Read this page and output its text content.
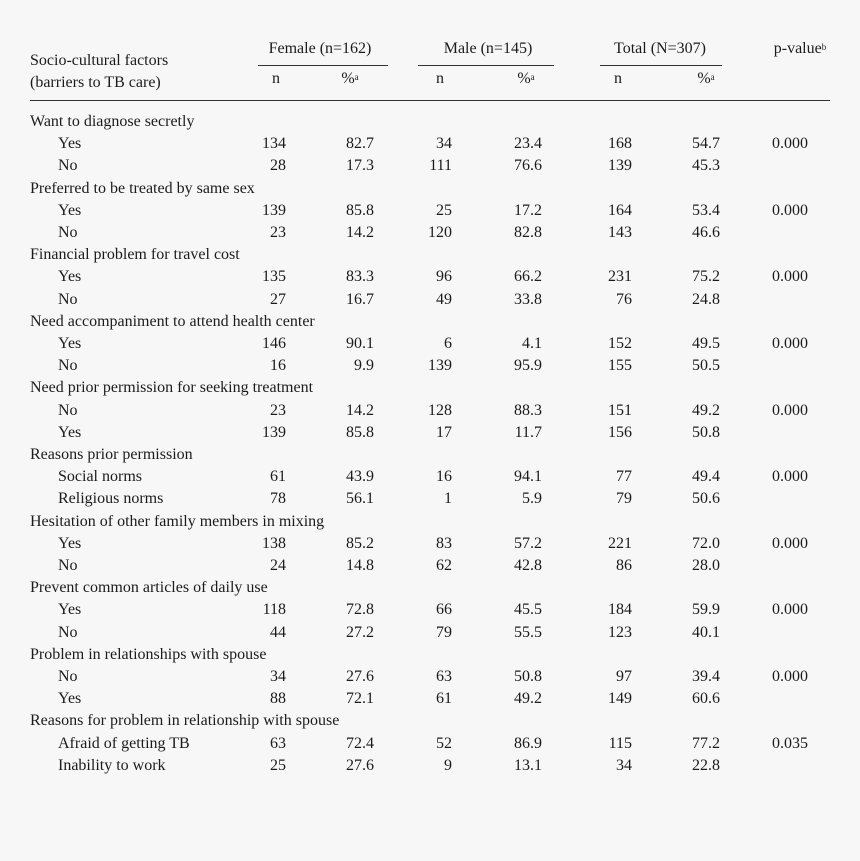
Socio-cultural factors
(barriers to TB care)
Female (n=162)	Male (n=145)	Total (N=307)	p-value$^b$
n	%$^a$	n	%$^a$	n	%$^a$
Want to diagnose secretly
Yes	134	82.7	34	23.4	168	54.7	0.000
No	28	17.3	111	76.6	139	45.3
Preferred to be treated by same sex
Yes	139	85.8	25	17.2	164	53.4	0.000
No	23	14.2	120	82.8	143	46.6
Financial problem for travel cost
Yes	135	83.3	96	66.2	231	75.2	0.000
No	27	16.7	49	33.8	76	24.8
Need accompaniment to attend health center
Yes	146	90.1	6	4.1	152	49.5	0.000
No	16	9.9	139	95.9	155	50.5
Need prior permission for seeking treatment
No	23	14.2	128	88.3	151	49.2	0.000
Yes	139	85.8	17	11.7	156	50.8
Reasons prior permission
Social norms	61	43.9	16	94.1	77	49.4	0.000
Religious norms	78	56.1	1	5.9	79	50.6
Hesitation of other family members in mixing
Yes	138	85.2	83	57.2	221	72.0	0.000
No	24	14.8	62	42.8	86	28.0
Prevent common articles of daily use
Yes	118	72.8	66	45.5	184	59.9	0.000
No	44	27.2	79	55.5	123	40.1
Problem in relationships with spouse
No	34	27.6	63	50.8	97	39.4	0.000
Yes	88	72.1	61	49.2	149	60.6
Reasons for problem in relationship with spouse
Afraid of getting TB	63	72.4	52	86.9	115	77.2	0.035
Inability to work	25	27.6	9	13.1	34	22.8
